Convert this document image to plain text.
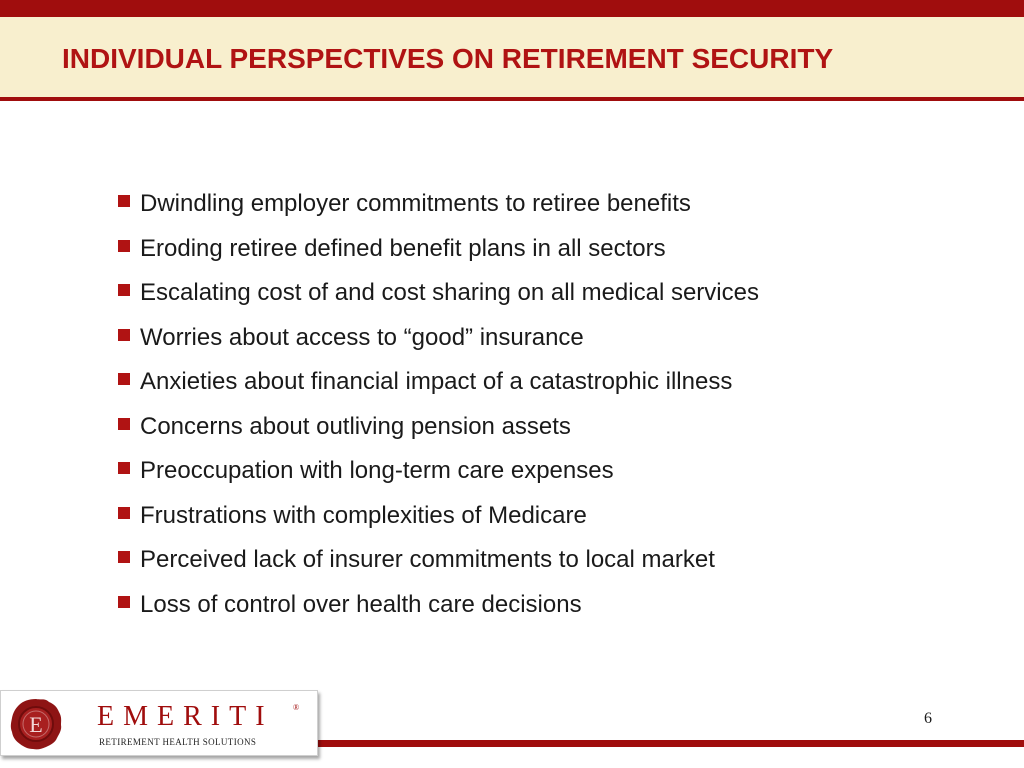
INDIVIDUAL PERSPECTIVES ON RETIREMENT SECURITY
Dwindling employer commitments to retiree benefits
Eroding retiree defined benefit plans in all sectors
Escalating cost of and cost sharing on all medical services
Worries about access to “good” insurance
Anxieties about financial impact of a catastrophic illness
Concerns about outliving pension assets
Preoccupation with long-term care expenses
Frustrations with complexities of Medicare
Perceived lack of insurer commitments to local market
Loss of control over health care decisions
E EMERITI ®
RETIREMENT HEALTH SOLUTIONS
6
